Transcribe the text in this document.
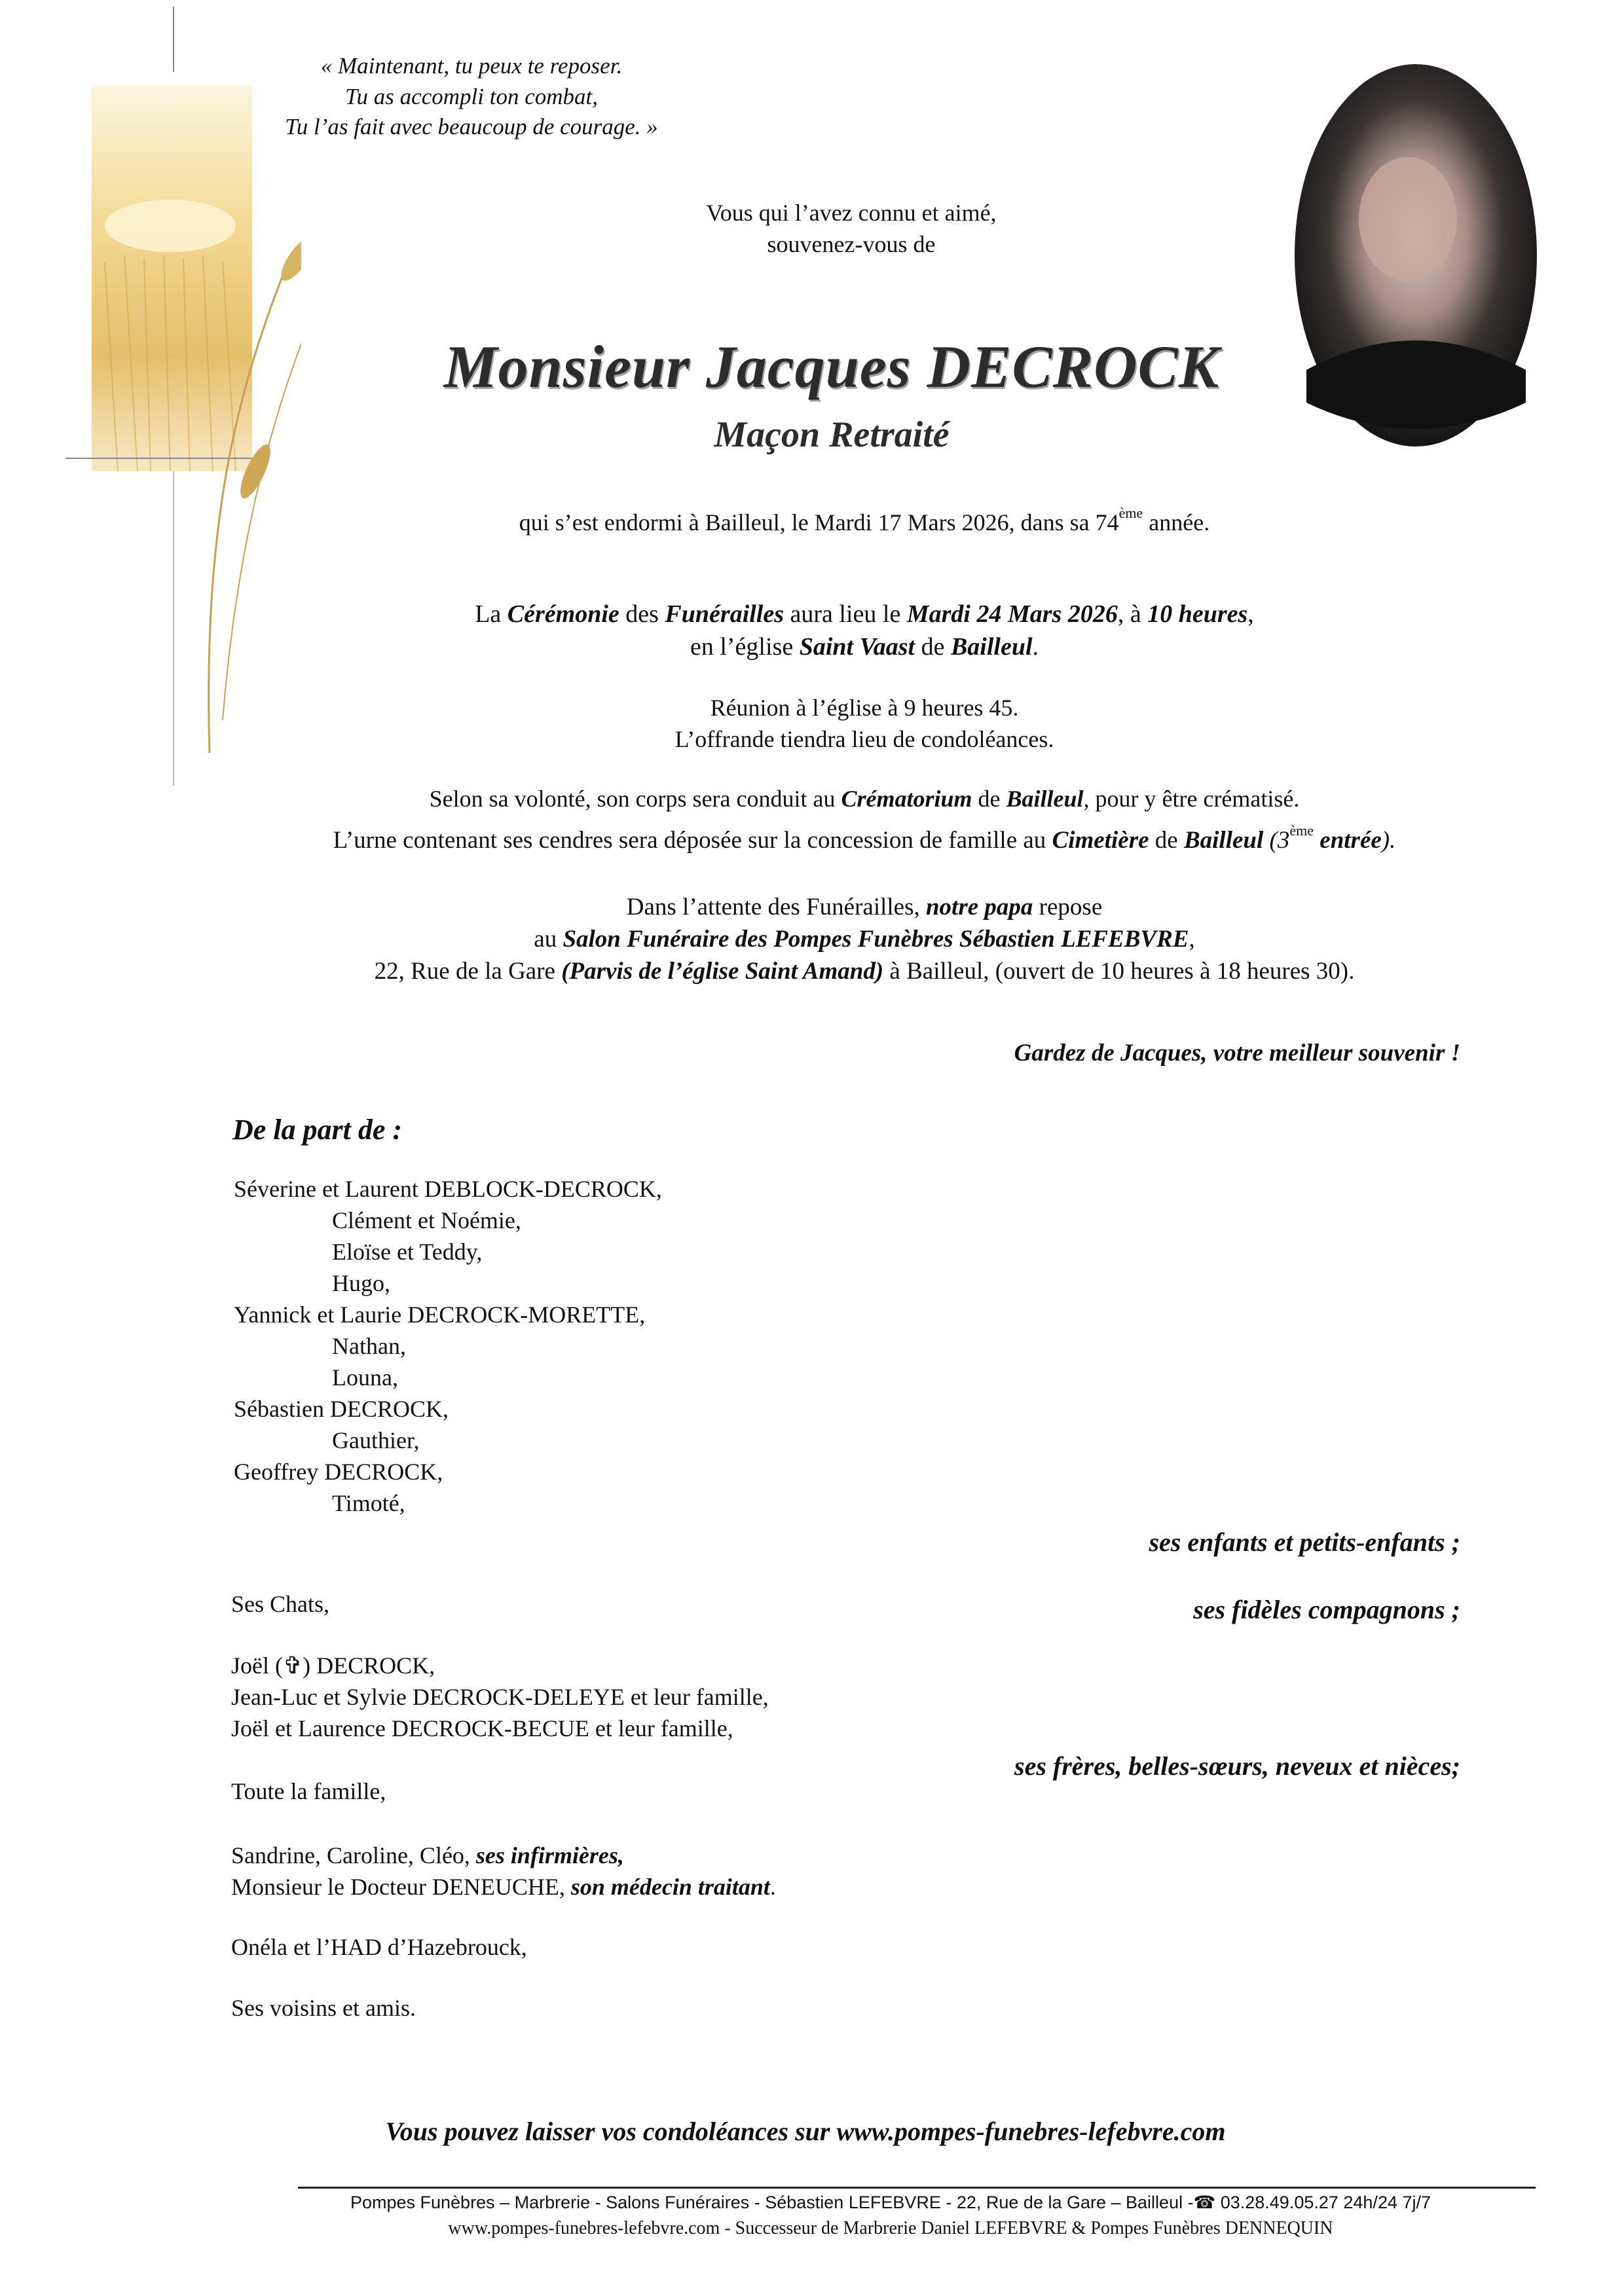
« Maintenant, tu peux te reposer.
Tu as accompli ton combat,
Tu l’as fait avec beaucoup de courage. »
Vous qui l’avez connu et aimé,
souvenez-vous de
Monsieur Jacques DECROCK
Maçon Retraité
qui s’est endormi à Bailleul, le Mardi 17 Mars 2026, dans sa 74ème année.
La Cérémonie des Funérailles aura lieu le Mardi 24 Mars 2026, à 10 heures,
en l’église Saint Vaast de Bailleul.
Réunion à l’église à 9 heures 45.
L’offrande tiendra lieu de condoléances.
Selon sa volonté, son corps sera conduit au Crématorium de Bailleul, pour y être crématisé.
L’urne contenant ses cendres sera déposée sur la concession de famille au Cimetière de Bailleul (3ème entrée).
Dans l’attente des Funérailles, notre papa repose
au Salon Funéraire des Pompes Funèbres Sébastien LEFEBVRE,
22, Rue de la Gare (Parvis de l’église Saint Amand) à Bailleul, (ouvert de 10 heures à 18 heures 30).
Gardez de Jacques, votre meilleur souvenir !
De la part de :
Séverine et Laurent DEBLOCK-DECROCK,
Clément et Noémie,
Eloïse et Teddy,
Hugo,
Yannick et Laurie DECROCK-MORETTE,
Nathan,
Louna,
Sébastien DECROCK,
Gauthier,
Geoffrey DECROCK,
Timoté,
ses enfants et petits-enfants ;
ses fidèles compagnons ;
ses frères, belles-sœurs, neveux et nièces;
Ses Chats,
Joël (✞) DECROCK,
Jean-Luc et Sylvie DECROCK-DELEYE et leur famille,
Joël et Laurence DECROCK-BECUE et leur famille,
Toute la famille,
Sandrine, Caroline, Cléo, ses infirmières,
Monsieur le Docteur DENEUCHE, son médecin traitant.
Onéla et l’HAD d’Hazebrouck,
Ses voisins et amis.
Vous pouvez laisser vos condoléances sur www.pompes-funebres-lefebvre.com
Pompes Funèbres – Marbrerie - Salons Funéraires - Sébastien LEFEBVRE - 22, Rue de la Gare – Bailleul -☎ 03.28.49.05.27 24h/24 7j/7
www.pompes-funebres-lefebvre.com - Successeur de Marbrerie Daniel LEFEBVRE & Pompes Funèbres DENNEQUIN
